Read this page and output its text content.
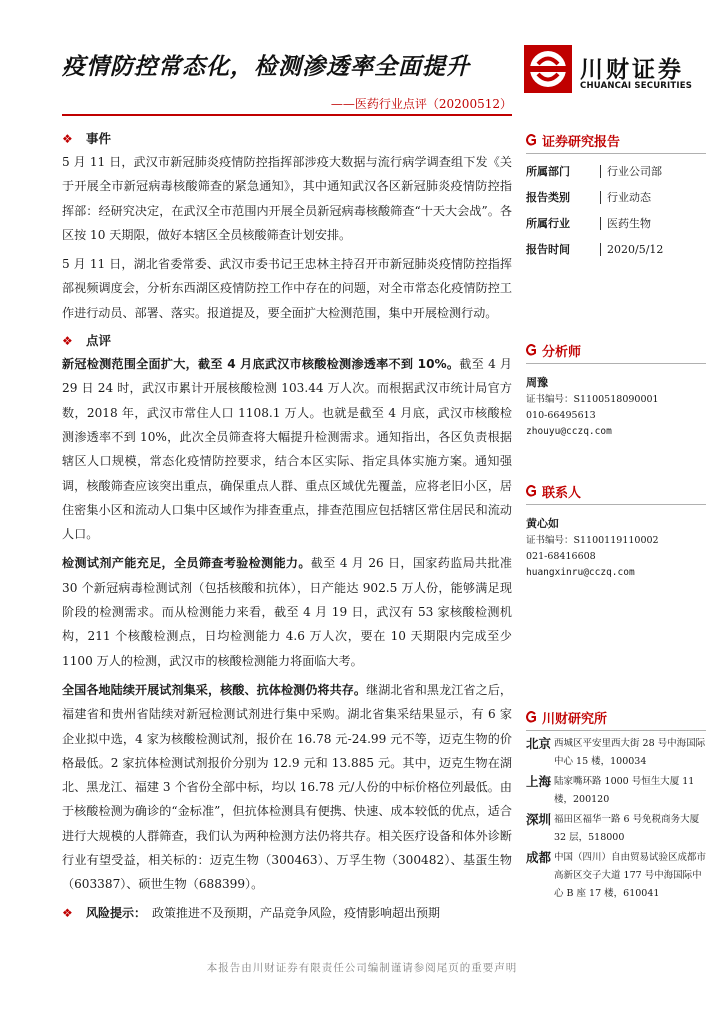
疫情防控常态化，检测渗透率全面提升
——医药行业点评（20200512）
川财证券
CHUANCAI SECURITIES
❖	事件

5 月 11 日，武汉市新冠肺炎疫情防控指挥部涉疫大数据与流行病学调查组下发《关于开展全市新冠病毒核酸筛查的紧急通知》，其中通知武汉各区新冠肺炎疫情防控指挥部：经研究决定，在武汉全市范围内开展全员新冠病毒核酸筛查“十天大会战”。各区按 10 天期限，做好本辖区全员核酸筛查计划安排。

5 月 11 日，湖北省委常委、武汉市委书记王忠林主持召开市新冠肺炎疫情防控指挥部视频调度会，分析东西湖区疫情防控工作中存在的问题，对全市常态化疫情防控工作进行动员、部署、落实。报道提及，要全面扩大检测范围，集中开展检测行动。

❖	点评

新冠检测范围全面扩大，截至 4 月底武汉市核酸检测渗透率不到 10%。截至 4 月 29 日 24 时，武汉市累计开展核酸检测 103.44 万人次。而根据武汉市统计局官方数，2018 年，武汉市常住人口 1108.1 万人。也就是截至 4 月底，武汉市核酸检测渗透率不到 10%，此次全员筛查将大幅提升检测需求。通知指出，各区负责根据辖区人口规模，常态化疫情防控要求，结合本区实际、指定具体实施方案。通知强调，核酸筛查应该突出重点，确保重点人群、重点区域优先覆盖，应将老旧小区，居住密集小区和流动人口集中区域作为排查重点，排查范围应包括辖区常住居民和流动人口。

检测试剂产能充足，全员筛查考验检测能力。截至 4 月 26 日，国家药监局共批准 30 个新冠病毒检测试剂（包括核酸和抗体），日产能达 902.5 万人份，能够满足现阶段的检测需求。而从检测能力来看，截至 4 月 19 日，武汉有 53 家核酸检测机构，211 个核酸检测点，日均检测能力 4.6 万人次，要在 10 天期限内完成至少 1100 万人的检测，武汉市的核酸检测能力将面临大考。

全国各地陆续开展试剂集采，核酸、抗体检测仍将共存。继湖北省和黑龙江省之后，福建省和贵州省陆续对新冠检测试剂进行集中采购。湖北省集采结果显示，有 6 家企业拟中选，4 家为核酸检测试剂，报价在 16.78 元-24.99 元不等，迈克生物的价格最低。2 家抗体检测试剂报价分别为 12.9 元和 13.885 元。其中，迈克生物在湖北、黑龙江、福建 3 个省份全部中标，均以 16.78 元/人份的中标价格位列最低。由于核酸检测为确诊的“金标准”，但抗体检测具有便携、快速、成本较低的优点，适合进行大规模的人群筛查，我们认为两种检测方法仍将共存。相关医疗设备和体外诊断行业有望受益，相关标的：迈克生物（300463）、万孚生物（300482）、基蛋生物（603387）、硕世生物（688399）。

❖	风险提示： 政策推进不及预期，产品竞争风险，疫情影响超出预期
证券研究报告
所属部门	行业公司部
报告类别	行业动态
所属行业	医药生物
报告时间	2020/5/12
分析师
周豫
证书编号：S1100518090001
010-66495613
zhouyu@cczq.com
联系人
黄心如
证书编号：S1100119110002
021-68416608
huangxinru@cczq.com
川财研究所
北京 西城区平安里西大街 28 号中海国际中心 15 楼，100034
上海 陆家嘴环路 1000 号恒生大厦 11 楼，200120
深圳 福田区福华一路 6 号免税商务大厦 32 层，518000
成都 中国（四川）自由贸易试验区成都市高新区交子大道 177 号中海国际中心 B 座 17 楼，610041
本报告由川财证券有限责任公司编制谨请参阅尾页的重要声明
